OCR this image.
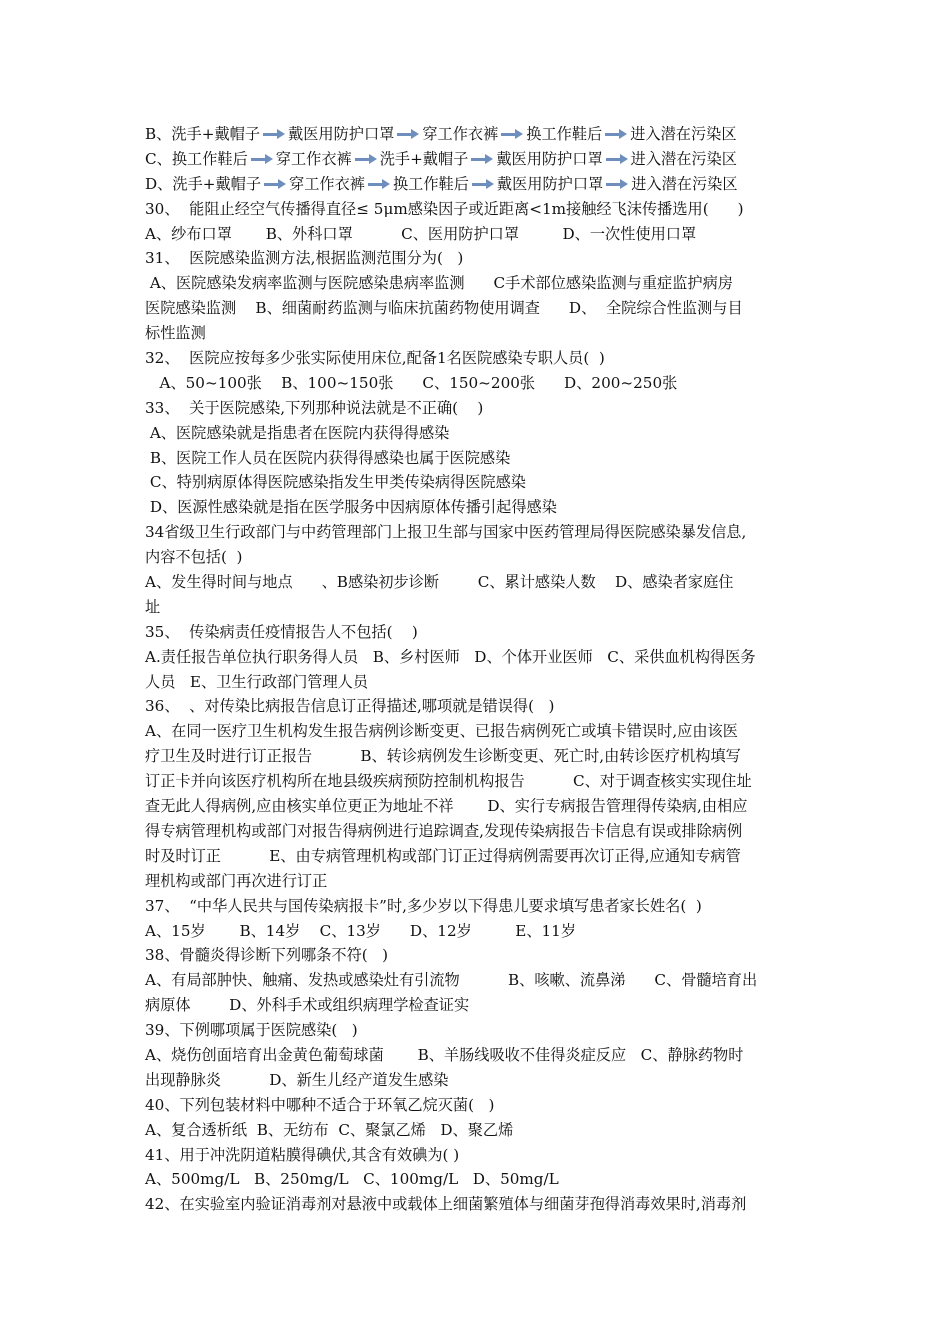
B、 洗手+戴帽子 戴医用防护口罩 穿工作衣裤 换工作鞋后 进入潜在污染区
C、 换工作鞋后 穿工作衣裤 洗手+戴帽子 戴医用防护口罩 进入潜在污染区
D、 洗手+戴帽子 穿工作衣裤 换工作鞋后 戴医用防护口罩 进入潜在污染区
30、  能阻止经空气传播得直径≤ 5μm感染因子或近距离<1m接触经飞沫传播选用(      )
A、纱布口罩       B、外科口罩          C、医用防护口罩         D、一次性使用口罩
31、  医院感染监测方法,根据监测范围分为(   )
A、医院感染发病率监测与医院感染患病率监测      C手术部位感染监测与重症监护病房
医院感染监测    B、细菌耐药监测与临床抗菌药物使用调查      D、  全院综合性监测与目
标性监测
32、  医院应按每多少张实际使用床位,配备1名医院感染专职人员(  )
A、50~100张    B、100~150张      C、150~200张      D、200~250张
33、  关于医院感染,下列那种说法就是不正确(    )
A、医院感染就是指患者在医院内获得得感染
B、医院工作人员在医院内获得得感染也属于医院感染
C、特别病原体得医院感染指发生甲类传染病得医院感染
D、医源性感染就是指在医学服务中因病原体传播引起得感染
34省级卫生行政部门与中药管理部门上报卫生部与国家中医药管理局得医院感染暴发信息,
内容不包括(  )
A、发生得时间与地点      、B感染初步诊断        C、累计感染人数    D、感染者家庭住
址
35、  传染病责任疫情报告人不包括(    )
A.责任报告单位执行职务得人员   B、乡村医师   D、个体开业医师   C、采供血机构得医务
人员   E、卫生行政部门管理人员
36、  、对传染比病报告信息订正得描述,哪项就是错误得(   )
A、在同一医疗卫生机构发生报告病例诊断变更、已报告病例死亡或填卡错误时,应由该医
疗卫生及时进行订正报告          B、转诊病例发生诊断变更、死亡时,由转诊医疗机构填写
订正卡并向该医疗机构所在地县级疾病预防控制机构报告          C、对于调查核实实现住址
查无此人得病例,应由核实单位更正为地址不祥       D、实行专病报告管理得传染病,由相应
得专病管理机构或部门对报告得病例进行追踪调查,发现传染病报告卡信息有误或排除病例
时及时订正          E、由专病管理机构或部门订正过得病例需要再次订正得,应通知专病管
理机构或部门再次进行订正
37、  “中华人民共与国传染病报卡”时,多少岁以下得患儿要求填写患者家长姓名(  )
A、15岁       B、14岁    C、13岁      D、12岁         E、11岁
38、骨髓炎得诊断下列哪条不符(   )
A、有局部肿快、触痛、发热或感染灶有引流物          B、咳嗽、流鼻涕      C、骨髓培育出
病原体        D、外科手术或组织病理学检查证实
39、下例哪项属于医院感染(   )
A、烧伤创面培育出金黄色葡萄球菌       B、羊肠线吸收不佳得炎症反应   C、静脉药物时
出现静脉炎          D、新生儿经产道发生感染
40、下列包装材料中哪种不适合于环氧乙烷灭菌(   )
A、复合透析纸  B、无纺布  C、聚氯乙烯   D、聚乙烯
41、用于冲洗阴道粘膜得碘伏,其含有效碘为( )
A、500mg/L   B、250mg/L   C、100mg/L   D、50mg/L
42、在实验室内验证消毒剂对悬液中或载体上细菌繁殖体与细菌芽孢得消毒效果时,消毒剂
